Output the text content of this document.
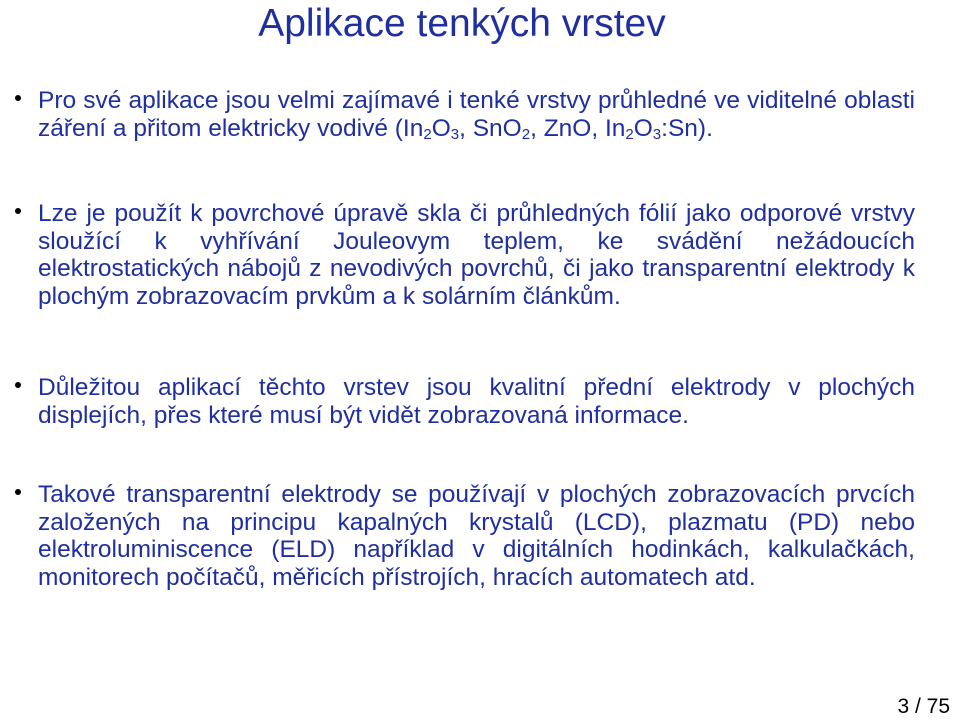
Aplikace tenkých vrstev
Pro své aplikace jsou velmi zajímavé i tenké vrstvy průhledné ve viditelné oblasti záření a přitom elektricky vodivé ($In_2O_3$, SnO$_2$, ZnO, $In_2O_3:Sn$).
Lze je použít k povrchové úpravě skla či průhledných fólií jako odporové vrstvy sloužící k vyhřívání Jouleovym teplem, ke svádění nežádoucích elektrostatických nábojů z nevodivých povrchů, či jako transparentní elektrody k plochým zobrazovacím prvkům a k solárním článkům.
Důležitou aplikací těchto vrstev jsou kvalitní přední elektrody v plochých displejích, přes které musí být vidět zobrazovaná informace.
Takové transparentní elektrody se používají v plochých zobrazovacích prvcích založených na principu kapalných krystalů (LCD), plazmatu (PD) nebo elektroluminiscence (ELD) například v digitálních hodinkách, kalkulačkách, monitorech počítačů, měřicích přístrojích, hracích automatech atd.
3 / 75
